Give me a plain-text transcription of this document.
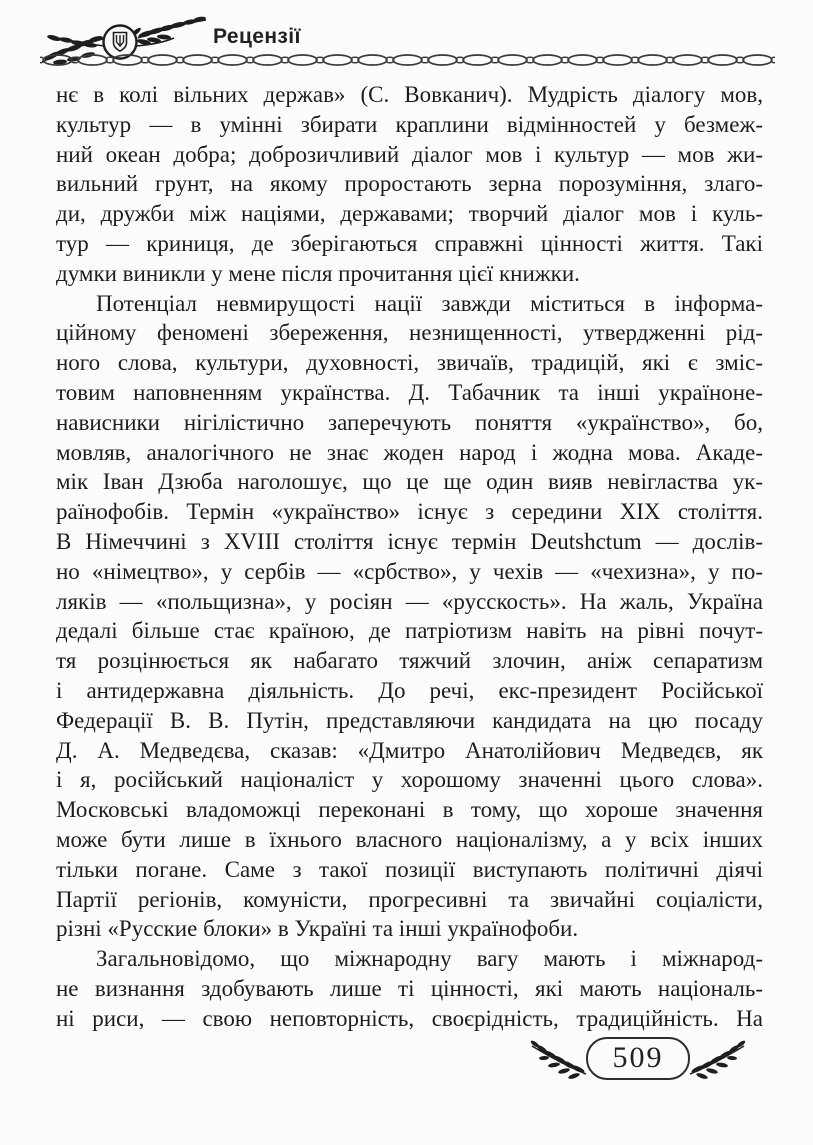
Рецензії
нє в колі вільних держав» (С. Вовканич). Мудрість діалогу мов,
культур — в умінні збирати краплини відмінностей у безмеж-
ний океан добра; доброзичливий діалог мов і культур — мов жи-
вильний грунт, на якому проростають зерна порозуміння, злаго-
ди, дружби між націями, державами; творчий діалог мов і куль-
тур — криниця, де зберігаються справжні цінності життя. Такі
думки виникли у мене після прочитання цієї книжки.
Потенціал невмирущості нації завжди міститься в інформа-
ційному феномені збереження, незнищенності, утвердженні рід-
ного слова, культури, духовності, звичаїв, традицій, які є зміс-
товим наповненням українства. Д. Табачник та інші україноне-
нависники нігілістично заперечують поняття «українство», бо,
мовляв, аналогічного не знає жоден народ і жодна мова. Акаде-
мік Іван Дзюба наголошує, що це ще один вияв невігластва ук-
раїнофобів. Термін «українство» існує з середини XIX століття.
В Німеччині з XVIII століття існує термін Deutshctum — дослів-
но «німецтво», у сербів — «србство», у чехів — «чехизна», у по-
ляків — «польщизна», у росіян — «русскость». На жаль, Україна
дедалі більше стає країною, де патріотизм навіть на рівні почут-
тя розцінюється як набагато тяжчий злочин, аніж сепаратизм
і антидержавна діяльність. До речі, екс-президент Російської
Федерації В. В. Путін, представляючи кандидата на цю посаду
Д. А. Медведєва, сказав: «Дмитро Анатолійович Медведєв, як
і я, російський націоналіст у хорошому значенні цього слова».
Московські владоможці переконані в тому, що хороше значення
може бути лише в їхнього власного націоналізму, а у всіх інших
тільки погане. Саме з такої позиції виступають політичні діячі
Партії регіонів, комуністи, прогресивні та звичайні соціалісти,
різні «Русские блоки» в Україні та інші українофоби.
Загальновідомо, що міжнародну вагу мають і міжнарод-
не визнання здобувають лише ті цінності, які мають національ-
ні риси, — свою неповторність, своєрідність, традиційність. На
509
